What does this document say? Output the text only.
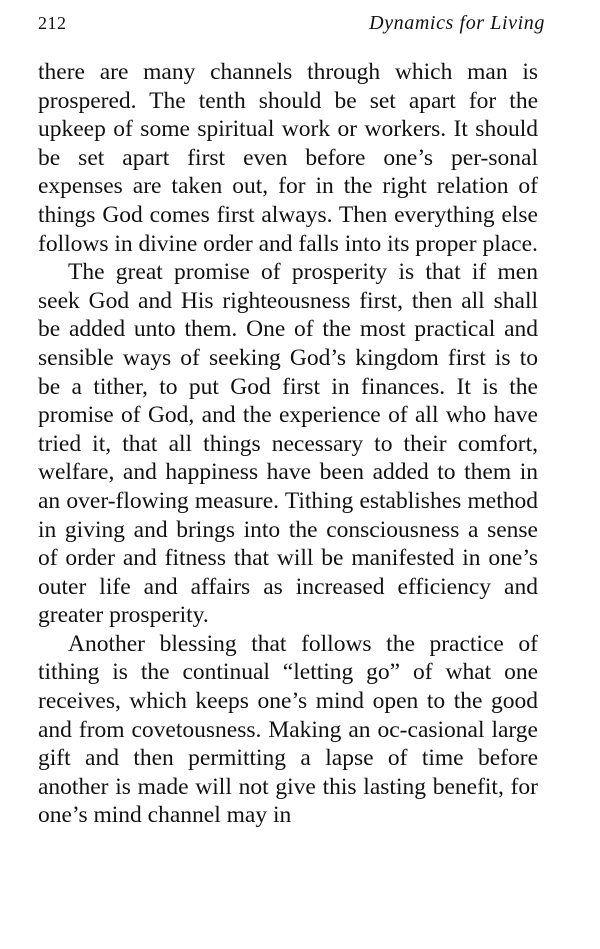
212	Dynamics for Living

there are many channels through which man is prospered. The tenth should be set apart for the upkeep of some spiritual work or workers. It should be set apart first even before one’s per-sonal expenses are taken out, for in the right relation of things God comes first always. Then everything else follows in divine order and falls into its proper place.

The great promise of prosperity is that if men seek God and His righteousness first, then all shall be added unto them. One of the most practical and sensible ways of seeking God’s kingdom first is to be a tither, to put God first in finances. It is the promise of God, and the experience of all who have tried it, that all things necessary to their comfort, welfare, and happiness have been added to them in an over-flowing measure. Tithing establishes method in giving and brings into the consciousness a sense of order and fitness that will be manifested in one’s outer life and affairs as increased efficiency and greater prosperity.

Another blessing that follows the practice of tithing is the continual “letting go” of what one receives, which keeps one’s mind open to the good and from covetousness. Making an oc-casional large gift and then permitting a lapse of time before another is made will not give this lasting benefit, for one’s mind channel may in
